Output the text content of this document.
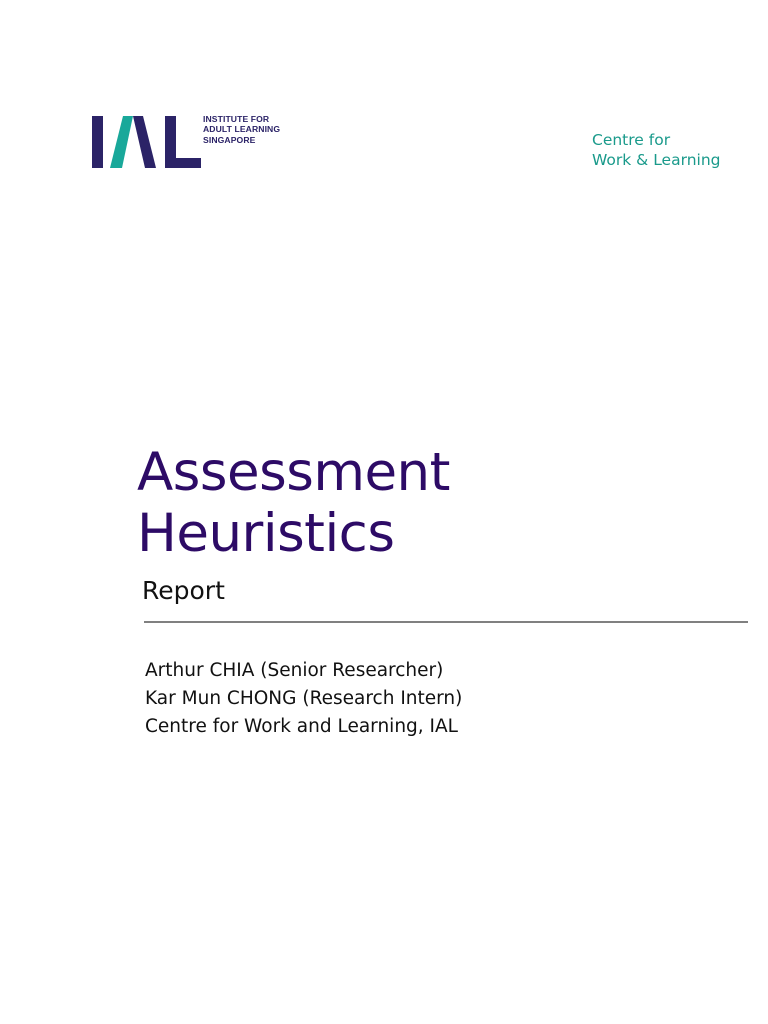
INSTITUTE FOR
ADULT LEARNING
SINGAPORE	Centre for
Work & Learning
Assessment
Heuristics
Report
Arthur CHIA (Senior Researcher)
Kar Mun CHONG (Research Intern)
Centre for Work and Learning, IAL
